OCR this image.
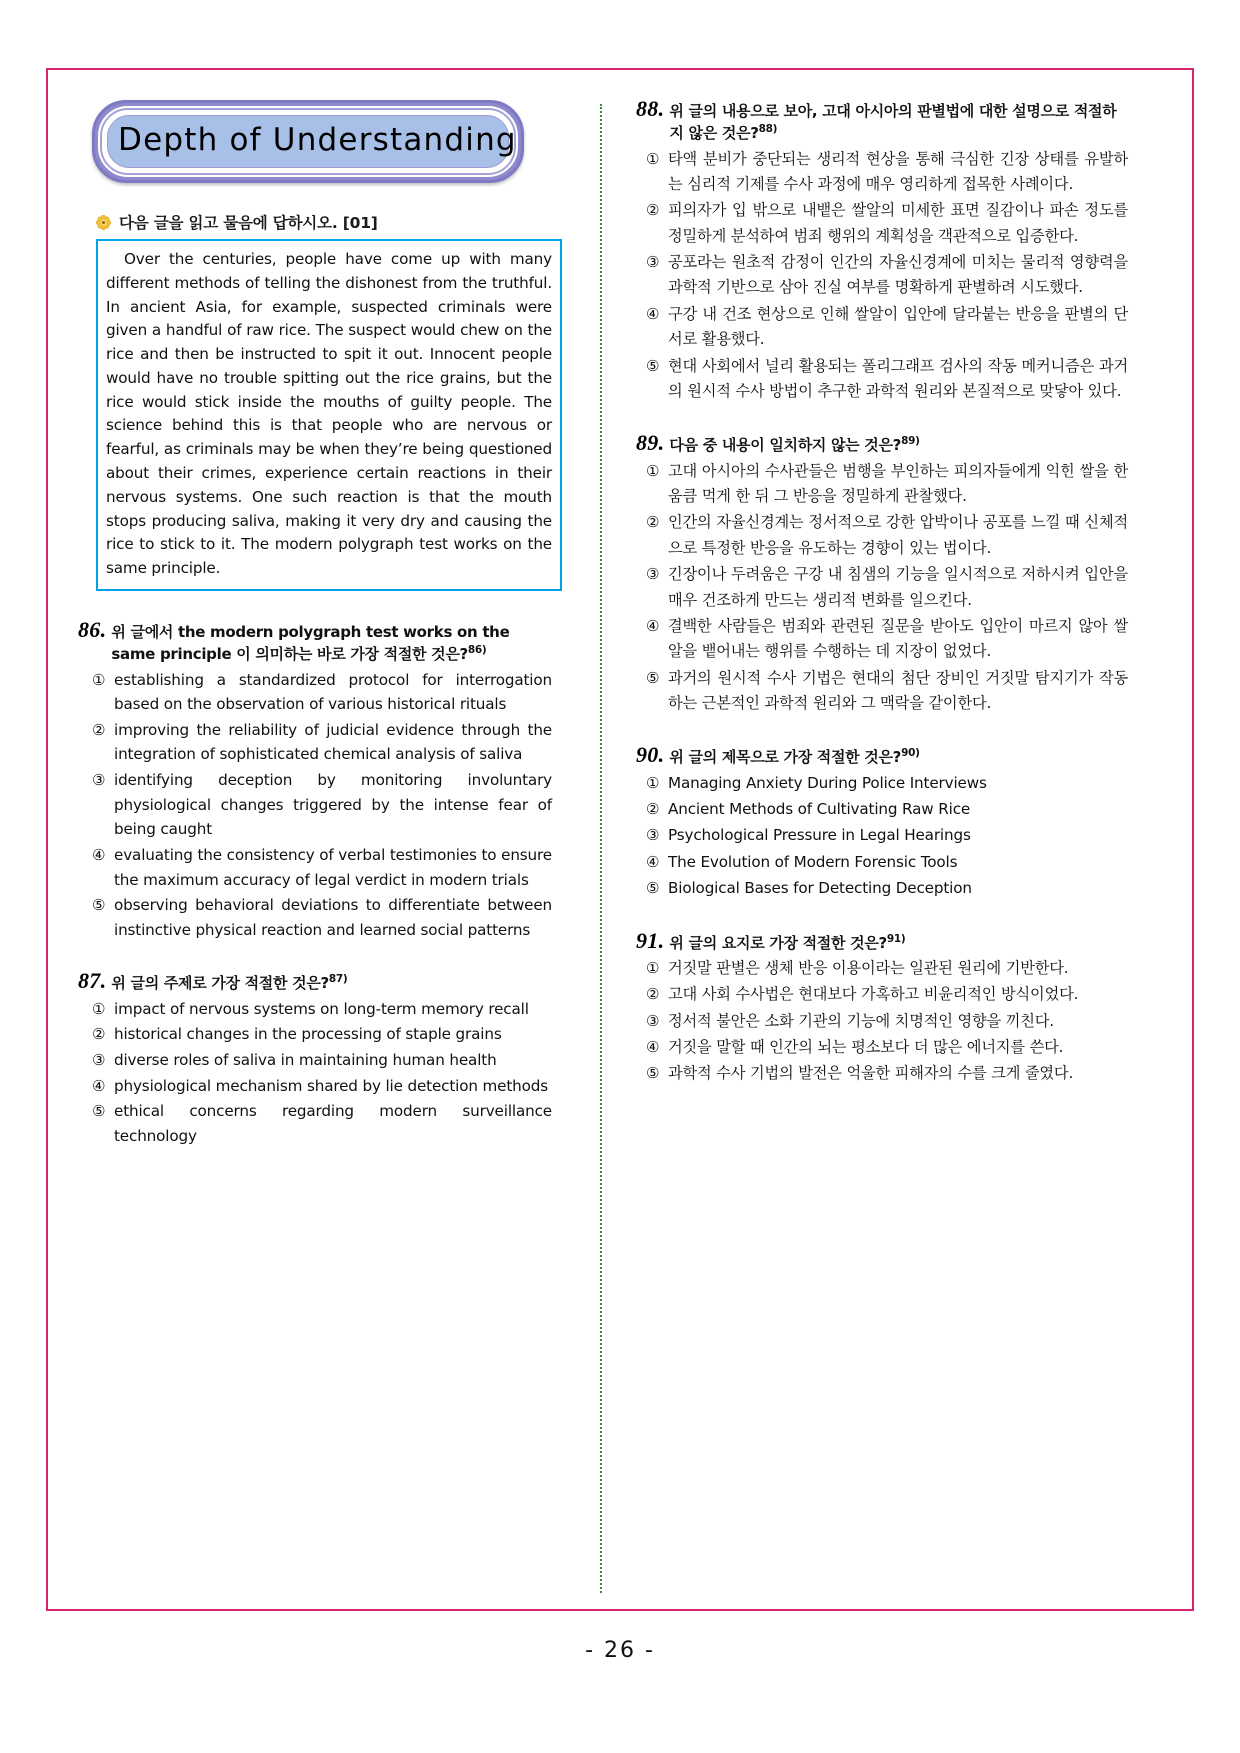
Depth of Understanding
다음 글을 읽고 물음에 답하시오. [01]

Over the centuries, people have come up with many different methods of telling the dishonest from the truthful. In ancient Asia, for example, suspected criminals were given a handful of raw rice. The suspect would chew on the rice and then be instructed to spit it out. Innocent people would have no trouble spitting out the rice grains, but the rice would stick inside the mouths of guilty people. The science behind this is that people who are nervous or fearful, as criminals may be when they’re being questioned about their crimes, experience certain reactions in their nervous systems. One such reaction is that the mouth stops producing saliva, making it very dry and causing the rice to stick to it. The modern polygraph test works on the same principle.

86. 위 글에서 the modern polygraph test works on the same principle 이 의미하는 바로 가장 적절한 것은?$^{86)}$
① establishing a standardized protocol for interrogation based on the observation of various historical rituals
② improving the reliability of judicial evidence through the integration of sophisticated chemical analysis of saliva
③ identifying deception by monitoring involuntary physiological changes triggered by the intense fear of being caught
④ evaluating the consistency of verbal testimonies to ensure the maximum accuracy of legal verdict in modern trials
⑤ observing behavioral deviations to differentiate between instinctive physical reaction and learned social patterns
87. 위 글의 주제로 가장 적절한 것은?$^{87)}$
① impact of nervous systems on long-term memory recall
② historical changes in the processing of staple grains
③ diverse roles of saliva in maintaining human health
④ physiological mechanism shared by lie detection methods
⑤ ethical concerns regarding modern surveillance technology
88. 위 글의 내용으로 보아, 고대 아시아의 판별법에 대한 설명으로 적절하지 않은 것은?$^{88)}$
① 타액 분비가 중단되는 생리적 현상을 통해 극심한 긴장 상태를 유발하는 심리적 기제를 수사 과정에 매우 영리하게 접목한 사례이다.
② 피의자가 입 밖으로 내뱉은 쌀알의 미세한 표면 질감이나 파손 정도를 정밀하게 분석하여 범죄 행위의 계획성을 객관적으로 입증한다.
③ 공포라는 원초적 감정이 인간의 자율신경계에 미치는 물리적 영향력을 과학적 기반으로 삼아 진실 여부를 명확하게 판별하려 시도했다.
④ 구강 내 건조 현상으로 인해 쌀알이 입안에 달라붙는 반응을 판별의 단서로 활용했다.
⑤ 현대 사회에서 널리 활용되는 폴리그래프 검사의 작동 메커니즘은 과거의 원시적 수사 방법이 추구한 과학적 원리와 본질적으로 맞닿아 있다.
89. 다음 중 내용이 일치하지 않는 것은?$^{89)}$
① 고대 아시아의 수사관들은 범행을 부인하는 피의자들에게 익힌 쌀을 한 움큼 먹게 한 뒤 그 반응을 정밀하게 관찰했다.
② 인간의 자율신경계는 정서적으로 강한 압박이나 공포를 느낄 때 신체적으로 특정한 반응을 유도하는 경향이 있는 법이다.
③ 긴장이나 두려움은 구강 내 침샘의 기능을 일시적으로 저하시켜 입안을 매우 건조하게 만드는 생리적 변화를 일으킨다.
④ 결백한 사람들은 범죄와 관련된 질문을 받아도 입안이 마르지 않아 쌀알을 뱉어내는 행위를 수행하는 데 지장이 없었다.
⑤ 과거의 원시적 수사 기법은 현대의 첨단 장비인 거짓말 탐지기가 작동하는 근본적인 과학적 원리와 그 맥락을 같이한다.
90. 위 글의 제목으로 가장 적절한 것은?$^{90)}$
① Managing Anxiety During Police Interviews
② Ancient Methods of Cultivating Raw Rice
③ Psychological Pressure in Legal Hearings
④ The Evolution of Modern Forensic Tools
⑤ Biological Bases for Detecting Deception
91. 위 글의 요지로 가장 적절한 것은?$^{91)}$
① 거짓말 판별은 생체 반응 이용이라는 일관된 원리에 기반한다.
② 고대 사회 수사법은 현대보다 가혹하고 비윤리적인 방식이었다.
③ 정서적 불안은 소화 기관의 기능에 치명적인 영향을 끼친다.
④ 거짓을 말할 때 인간의 뇌는 평소보다 더 많은 에너지를 쓴다.
⑤ 과학적 수사 기법의 발전은 억울한 피해자의 수를 크게 줄였다.
- 26 -
